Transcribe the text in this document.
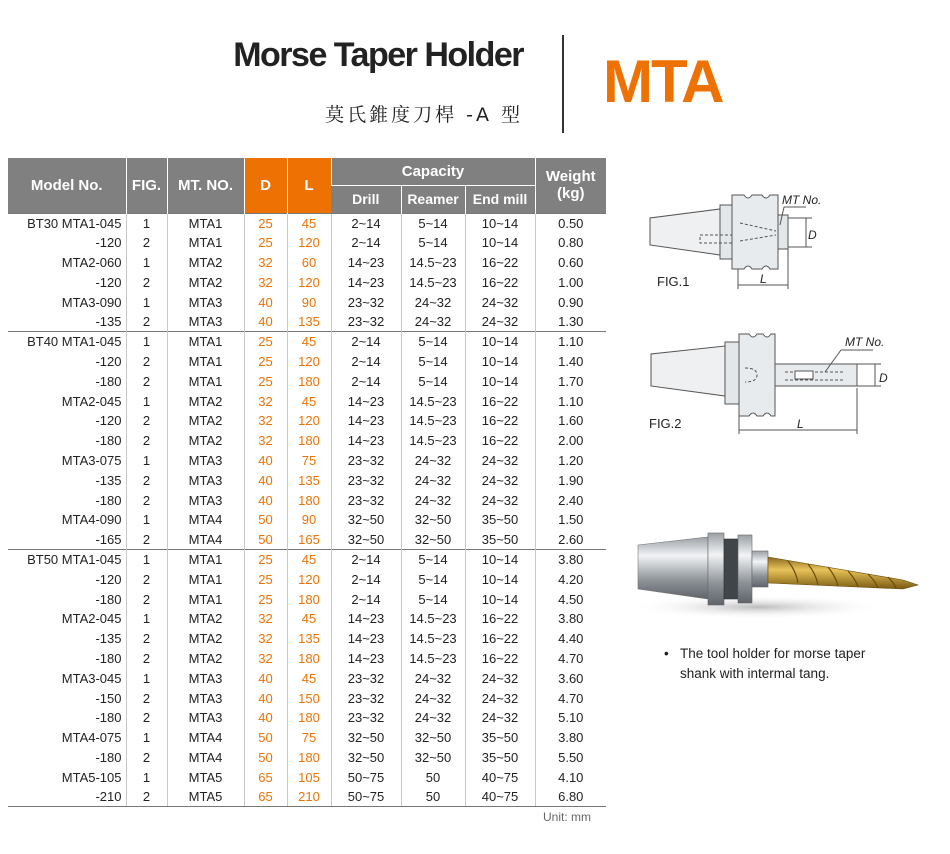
Morse Taper Holder
莫氏錐度刀桿 -A 型 MTA
Model No.	FIG.	MT. NO.	D	L	Capacity			Weight (kg)
					Drill	Reamer	End mill	
BT30 MTA1-045	1	MTA1	25	45	2~14	5~14	10~14	0.50
-120	2	MTA1	25	120	2~14	5~14	10~14	0.80
MTA2-060	1	MTA2	32	60	14~23	14.5~23	16~22	0.60
-120	2	MTA2	32	120	14~23	14.5~23	16~22	1.00
MTA3-090	1	MTA3	40	90	23~32	24~32	24~32	0.90
-135	2	MTA3	40	135	23~32	24~32	24~32	1.30
BT40 MTA1-045	1	MTA1	25	45	2~14	5~14	10~14	1.10
-120	2	MTA1	25	120	2~14	5~14	10~14	1.40
-180	2	MTA1	25	180	2~14	5~14	10~14	1.70
MTA2-045	1	MTA2	32	45	14~23	14.5~23	16~22	1.10
-120	2	MTA2	32	120	14~23	14.5~23	16~22	1.60
-180	2	MTA2	32	180	14~23	14.5~23	16~22	2.00
MTA3-075	1	MTA3	40	75	23~32	24~32	24~32	1.20
-135	2	MTA3	40	135	23~32	24~32	24~32	1.90
-180	2	MTA3	40	180	23~32	24~32	24~32	2.40
MTA4-090	1	MTA4	50	90	32~50	32~50	35~50	1.50
-165	2	MTA4	50	165	32~50	32~50	35~50	2.60
BT50 MTA1-045	1	MTA1	25	45	2~14	5~14	10~14	3.80
-120	2	MTA1	25	120	2~14	5~14	10~14	4.20
-180	2	MTA1	25	180	2~14	5~14	10~14	4.50
MTA2-045	1	MTA2	32	45	14~23	14.5~23	16~22	3.80
-135	2	MTA2	32	135	14~23	14.5~23	16~22	4.40
-180	2	MTA2	32	180	14~23	14.5~23	16~22	4.70
MTA3-045	1	MTA3	40	45	23~32	24~32	24~32	3.60
-150	2	MTA3	40	150	23~32	24~32	24~32	4.70
-180	2	MTA3	40	180	23~32	24~32	24~32	5.10
MTA4-075	1	MTA4	50	75	32~50	32~50	35~50	3.80
-180	2	MTA4	50	180	32~50	32~50	35~50	5.50
MTA5-105	1	MTA5	65	105	50~75	50	40~75	4.10
-210	2	MTA5	65	210	50~75	50	40~75	6.80
Unit: mm
MT No.
D
L
FIG.1
MT No.
D
L
FIG.2
• The tool holder for morse taper shank with intermal tang.
